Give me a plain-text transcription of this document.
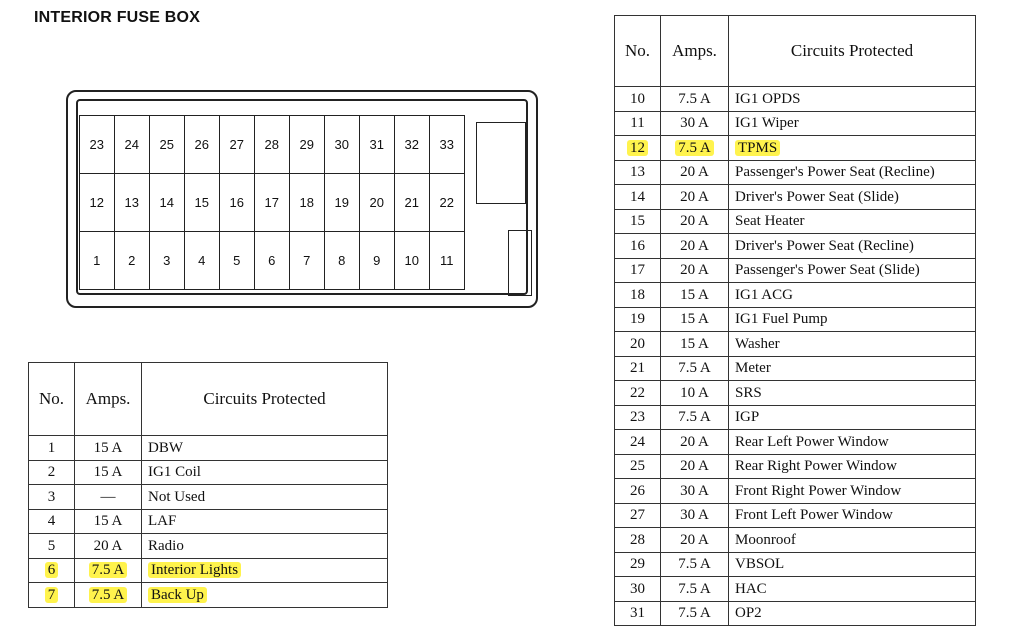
INTERIOR FUSE BOX
23	24	25	26	27	28	29	30	31	32	33
12	13	14	15	16	17	18	19	20	21	22
1	2	3	4	5	6	7	8	9	10	11
No.	Amps.	Circuits Protected
1	15 A	DBW
2	15 A	IG1 Coil
3	—	Not Used
4	15 A	LAF
5	20 A	Radio
6	7.5 A	Interior Lights
7	7.5 A	Back Up
No.	Amps.	Circuits Protected
10	7.5 A	IG1 OPDS
11	30 A	IG1 Wiper
12	7.5 A	TPMS
13	20 A	Passenger's Power Seat (Recline)
14	20 A	Driver's Power Seat (Slide)
15	20 A	Seat Heater
16	20 A	Driver's Power Seat (Recline)
17	20 A	Passenger's Power Seat (Slide)
18	15 A	IG1 ACG
19	15 A	IG1 Fuel Pump
20	15 A	Washer
21	7.5 A	Meter
22	10 A	SRS
23	7.5 A	IGP
24	20 A	Rear Left Power Window
25	20 A	Rear Right Power Window
26	30 A	Front Right Power Window
27	30 A	Front Left Power Window
28	20 A	Moonroof
29	7.5 A	VBSOL
30	7.5 A	HAC
31	7.5 A	OP2
